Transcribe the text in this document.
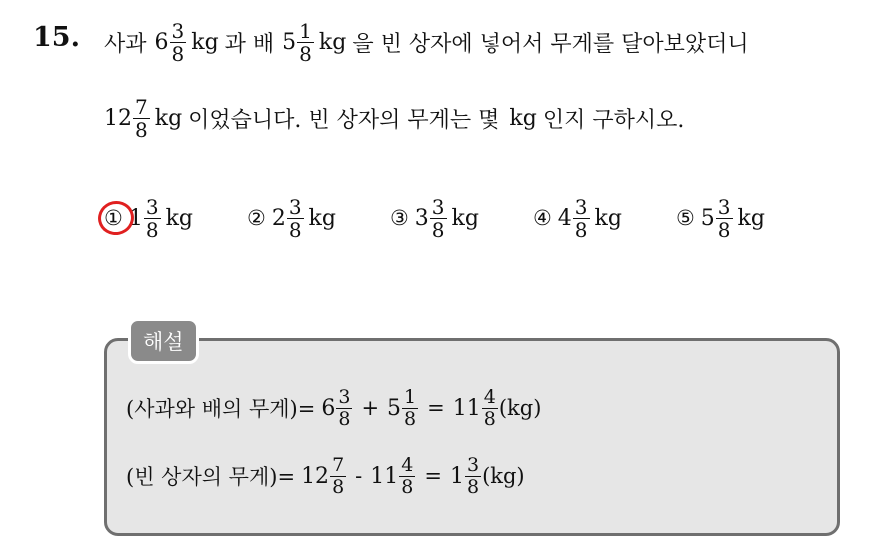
15. 사과 $6 \frac{3}{8}$ kg 과 배 $5 \frac{1}{8}$ kg 을 빈 상자에 넣어서 무게를 달아보았더니
$12 \frac{7}{8}$ kg 이었습니다. 빈 상자의 무게는 몇 kg 인지 구하시오.
① $1 \frac{3}{8}$ kg	② $2 \frac{3}{8}$ kg	③ $3 \frac{3}{8}$ kg	④ $4 \frac{3}{8}$ kg	⑤ $5 \frac{3}{8}$ kg
해설
(사과와 배의 무게)= $6 \frac{3}{8} + 5 \frac{1}{8} = 11 \frac{4}{8} (kg)$
(빈 상자의 무게)= $12 \frac{7}{8} - 11 \frac{4}{8} = 1 \frac{3}{8} (kg)$
